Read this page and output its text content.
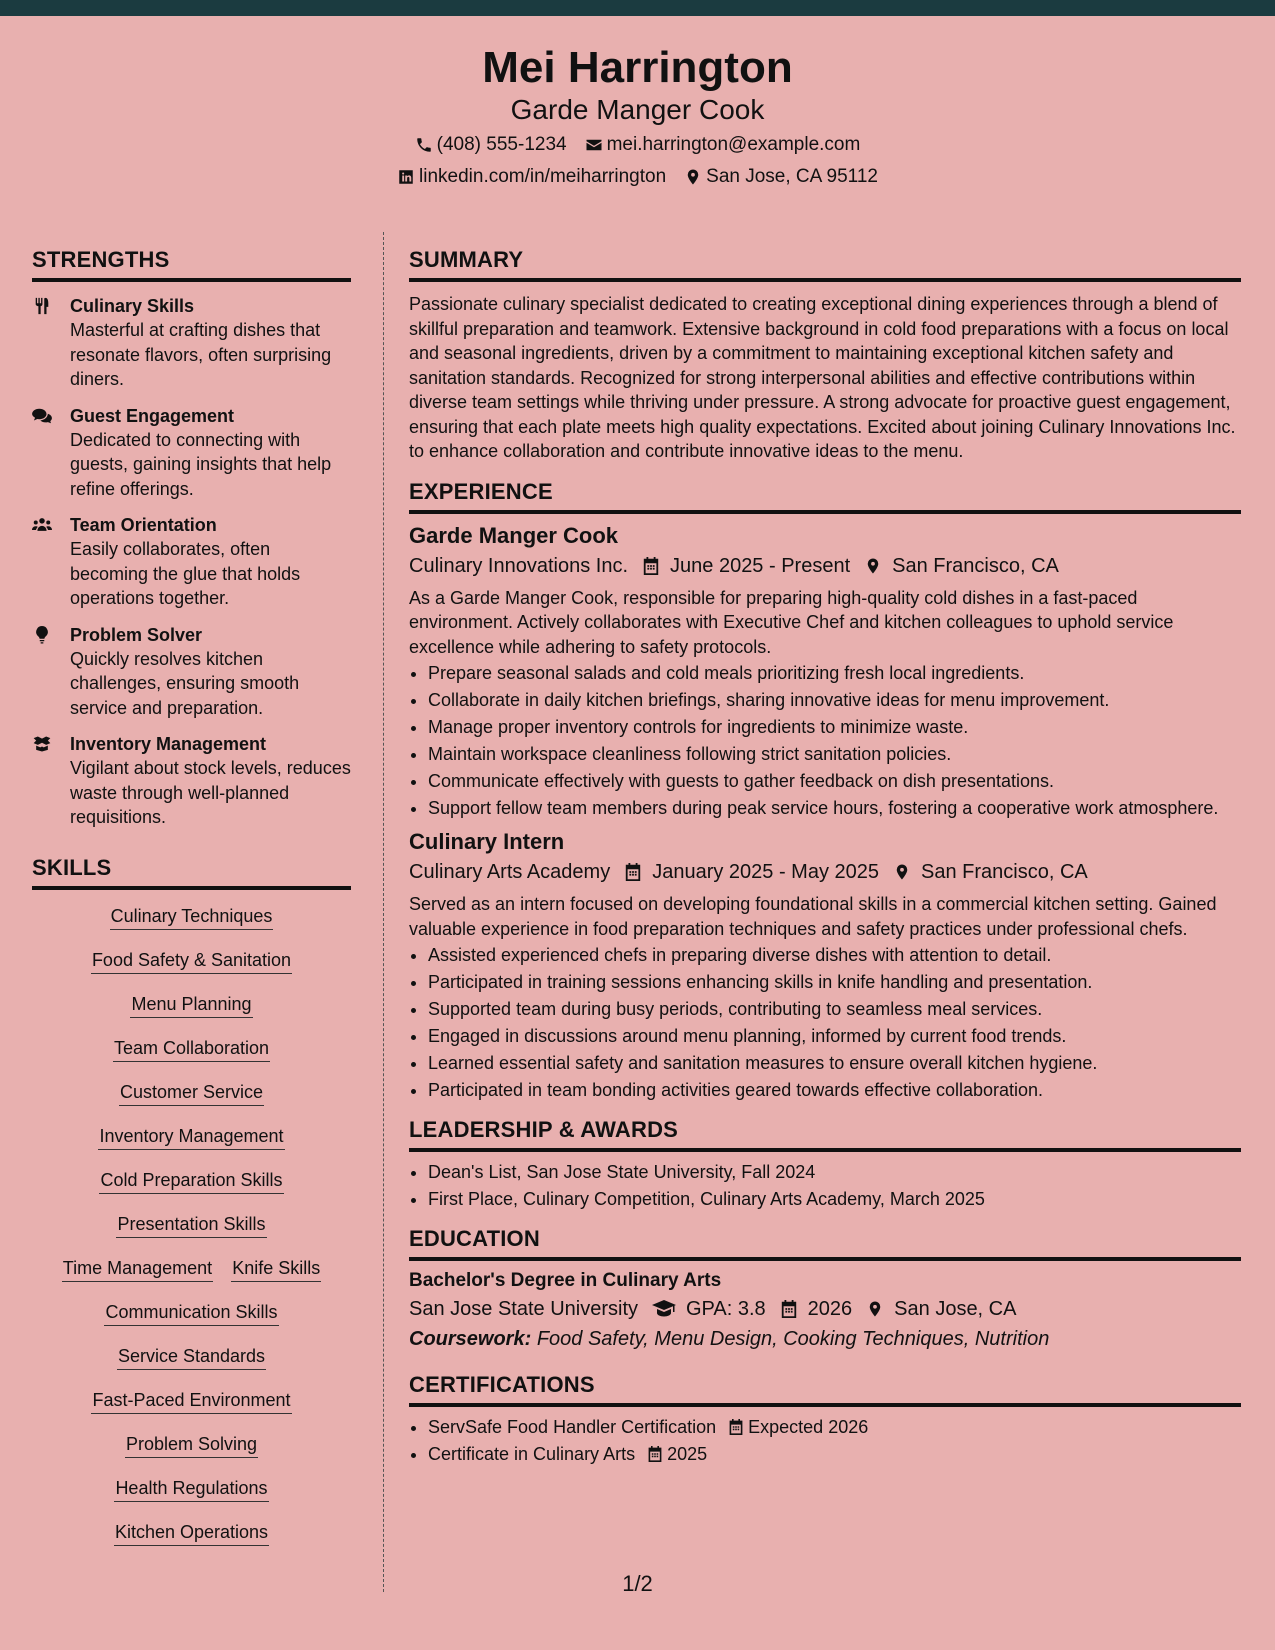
Mei Harrington
Garde Manger Cook
(408) 555-1234 mei.harrington@example.com
linkedin.com/in/meiharrington San Jose, CA 95112
STRENGTHS
Culinary Skills
Masterful at crafting dishes that resonate flavors, often surprising diners.
Guest Engagement
Dedicated to connecting with guests, gaining insights that help refine offerings.
Team Orientation
Easily collaborates, often becoming the glue that holds operations together.
Problem Solver
Quickly resolves kitchen challenges, ensuring smooth service and preparation.
Inventory Management
Vigilant about stock levels, reduces waste through well-planned requisitions.
SKILLS
Culinary Techniques
Food Safety & Sanitation
Menu Planning
Team Collaboration
Customer Service
Inventory Management
Cold Preparation Skills
Presentation Skills
Time Management Knife Skills
Communication Skills
Service Standards
Fast-Paced Environment
Problem Solving
Health Regulations
Kitchen Operations
SUMMARY
Passionate culinary specialist dedicated to creating exceptional dining experiences through a blend of skillful preparation and teamwork. Extensive background in cold food preparations with a focus on local and seasonal ingredients, driven by a commitment to maintaining exceptional kitchen safety and sanitation standards. Recognized for strong interpersonal abilities and effective contributions within diverse team settings while thriving under pressure. A strong advocate for proactive guest engagement, ensuring that each plate meets high quality expectations. Excited about joining Culinary Innovations Inc. to enhance collaboration and contribute innovative ideas to the menu.
EXPERIENCE
Garde Manger Cook
Culinary Innovations Inc. June 2025 - Present San Francisco, CA
As a Garde Manger Cook, responsible for preparing high-quality cold dishes in a fast-paced environment. Actively collaborates with Executive Chef and kitchen colleagues to uphold service excellence while adhering to safety protocols.
• Prepare seasonal salads and cold meals prioritizing fresh local ingredients.
• Collaborate in daily kitchen briefings, sharing innovative ideas for menu improvement.
• Manage proper inventory controls for ingredients to minimize waste.
• Maintain workspace cleanliness following strict sanitation policies.
• Communicate effectively with guests to gather feedback on dish presentations.
• Support fellow team members during peak service hours, fostering a cooperative work atmosphere.
Culinary Intern
Culinary Arts Academy January 2025 - May 2025 San Francisco, CA
Served as an intern focused on developing foundational skills in a commercial kitchen setting. Gained valuable experience in food preparation techniques and safety practices under professional chefs.
• Assisted experienced chefs in preparing diverse dishes with attention to detail.
• Participated in training sessions enhancing skills in knife handling and presentation.
• Supported team during busy periods, contributing to seamless meal services.
• Engaged in discussions around menu planning, informed by current food trends.
• Learned essential safety and sanitation measures to ensure overall kitchen hygiene.
• Participated in team bonding activities geared towards effective collaboration.
LEADERSHIP & AWARDS
• Dean's List, San Jose State University, Fall 2024
• First Place, Culinary Competition, Culinary Arts Academy, March 2025
EDUCATION
Bachelor's Degree in Culinary Arts
San Jose State University GPA: 3.8 2026 San Jose, CA
Coursework: Food Safety, Menu Design, Cooking Techniques, Nutrition
CERTIFICATIONS
• ServSafe Food Handler Certification Expected 2026
• Certificate in Culinary Arts 2025
1/2
